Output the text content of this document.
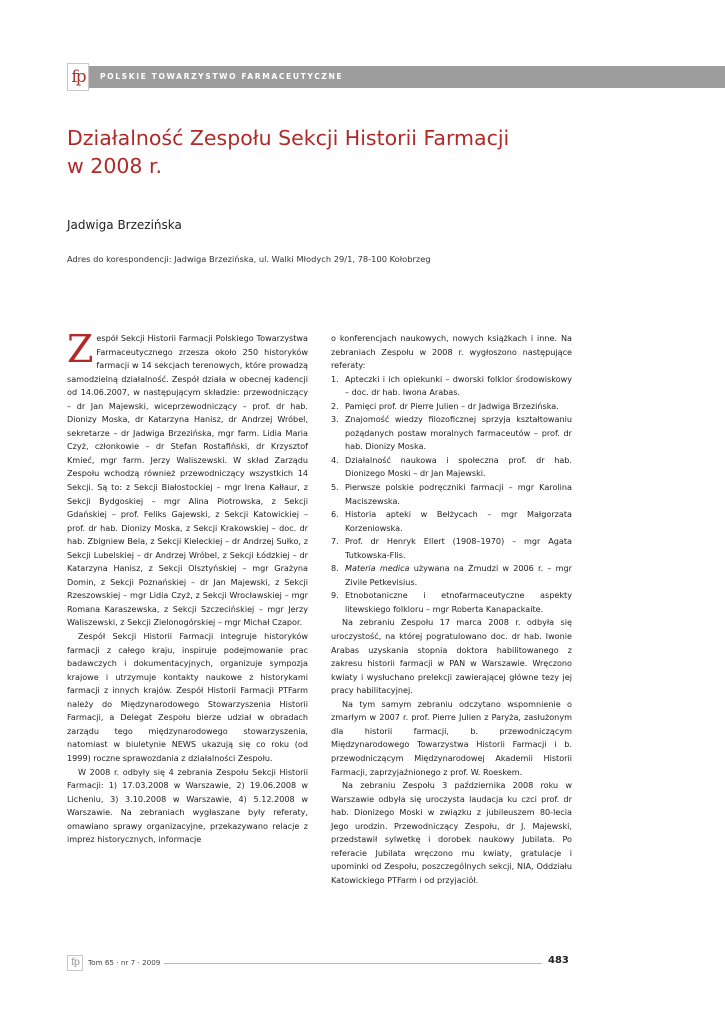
fp	POLSKIE TOWARZYSTWO FARMACEUTYCZNE
Działalność Zespołu Sekcji Historii Farmacji
w 2008 r.
Jadwiga Brzezińska
Adres do korespondencji: Jadwiga Brzezińska, ul. Walki Młodych 29/1, 78-100 Kołobrzeg

Zespół Sekcji Historii Farmacji Polskiego Towarzystwa Farmaceutycznego zrzesza około 250 historyków farmacji w 14 sekcjach terenowych, które prowadzą samodzielną działalność. Zespół działa w obecnej kadencji od 14.06.2007, w następującym składzie: przewodniczący – dr Jan Majewski, wiceprzewodniczący – prof. dr hab. Dionizy Moska, dr Katarzyna Hanisz, dr Andrzej Wróbel, sekretarze – dr Jadwiga Brzezińska, mgr farm. Lidia Maria Czyż, członkowie – dr Stefan Rostafiński, dr Krzysztof Kmieć, mgr farm. Jerzy Waliszewski. W skład Zarządu Zespołu wchodzą również przewodniczący wszystkich 14 Sekcji. Są to: z Sekcji Białostockiej – mgr Irena Kałłaur, z Sekcji Bydgoskiej – mgr Alina Piotrowska, z Sekcji Gdańskiej – prof. Feliks Gajewski, z Sekcji Katowickiej – prof. dr hab. Dionizy Moska, z Sekcji Krakowskiej – doc. dr hab. Zbigniew Bela, z Sekcji Kieleckiej – dr Andrzej Sułko, z Sekcji Lubelskiej – dr Andrzej Wróbel, z Sekcji Łódzkiej – dr Katarzyna Hanisz, z Sekcji Olsztyńskiej – mgr Grażyna Domin, z Sekcji Poznańskiej – dr Jan Majewski, z Sekcji Rzeszowskiej – mgr Lidia Czyż, z Sekcji Wrocławskiej – mgr Romana Karaszewska, z Sekcji Szczecińskiej – mgr Jerzy Waliszewski, z Sekcji Zielonogórskiej – mgr Michał Czapor.

Zespół Sekcji Historii Farmacji integruje historyków farmacji z całego kraju, inspiruje podejmowanie prac badawczych i dokumentacyjnych, organizuje sympozja krajowe i utrzymuje kontakty naukowe z historykami farmacji z innych krajów. Zespół Historii Farmacji PTFarm należy do Międzynarodowego Stowarzyszenia Historii Farmacji, a Delegat Zespołu bierze udział w obradach zarządu tego międzynarodowego stowarzyszenia, natomiast w biuletynie NEWS ukazują się co roku (od 1999) roczne sprawozdania z działalności Zespołu.

W 2008 r. odbyły się 4 zebrania Zespołu Sekcji Historii Farmacji: 1) 17.03.2008 w Warszawie, 2) 19.06.2008 w Licheniu, 3) 3.10.2008 w Warszawie, 4) 5.12.2008 w Warszawie. Na zebraniach wygłaszane były referaty, omawiano sprawy organizacyjne, przekazywano relacje z imprez historycznych, informacje

o konferencjach naukowych, nowych książkach i inne. Na zebraniach Zespołu w 2008 r. wygłoszono następujące referaty:

1. Apteczki i ich opiekunki – dworski folklor środowiskowy – doc. dr hab. Iwona Arabas.
2. Pamięci prof. dr Pierre Julien – dr Jadwiga Brzezińska.
3. Znajomość wiedzy filozoficznej sprzyja kształtowaniu pożądanych postaw moralnych farmaceutów – prof. dr hab. Dionizy Moska.
4. Działalność naukowa i społeczna prof. dr hab. Dionizego Moski – dr Jan Majewski.
5. Pierwsze polskie podręczniki farmacji – mgr Karolina Maciszewska.
6. Historia apteki w Bełżycach – mgr Małgorzata Korzeniowska.
7. Prof. dr Henryk Ellert (1908–1970) – mgr Agata Tutkowska-Flis.
8. Materia medica używana na Żmudzi w 2006 r. – mgr Zivile Petkevisius.
9. Etnobotaniczne i etnofarmaceutyczne aspekty litewskiego folkloru – mgr Roberta Kanapackaite.

Na zebraniu Zespołu 17 marca 2008 r. odbyła się uroczystość, na której pogratulowano doc. dr hab. Iwonie Arabas uzyskania stopnia doktora habilitowanego z zakresu historii farmacji w PAN w Warszawie. Wręczono kwiaty i wysłuchano prelekcji zawierającej główne tezy jej pracy habilitacyjnej.

Na tym samym zebraniu odczytano wspomnienie o zmarłym w 2007 r. prof. Pierre Julien z Paryża, zasłużonym dla historii farmacji, b. przewodniczącym Międzynarodowego Towarzystwa Historii Farmacji i b. przewodniczącym Międzynarodowej Akademii Historii Farmacji, zaprzyjaźnionego z prof. W. Roeskem.

Na zebraniu Zespołu 3 października 2008 roku w Warszawie odbyła się uroczysta laudacja ku czci prof. dr hab. Dionizego Moski w związku z jubileuszem 80-lecia Jego urodzin. Przewodniczący Zespołu, dr J. Majewski, przedstawił sylwetkę i dorobek naukowy Jubilata. Po referacie Jubilata wręczono mu kwiaty, gratulacje i upominki od Zespołu, poszczególnych sekcji, NIA, Oddziału Katowickiego PTFarm i od przyjaciół.

fp	Tom 65 · nr 7 · 2009	483
